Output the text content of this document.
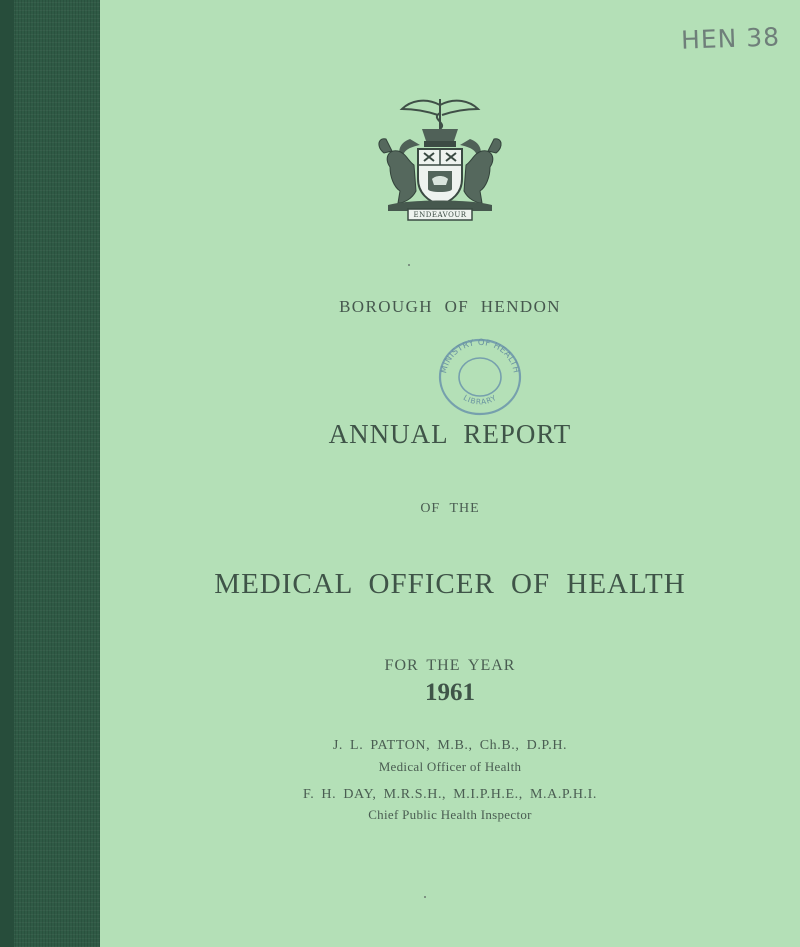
HEN 38
ENDEAVOUR
BOROUGH OF HENDON
MINISTRY OF HEALTH
LIBRARY
ANNUAL REPORT
OF THE
MEDICAL OFFICER OF HEALTH
FOR THE YEAR
1961
J. L. PATTON, M.B., Ch.B., D.P.H.
Medical Officer of Health
F. H. DAY, M.R.S.H., M.I.P.H.E., M.A.P.H.I.
Chief Public Health Inspector
